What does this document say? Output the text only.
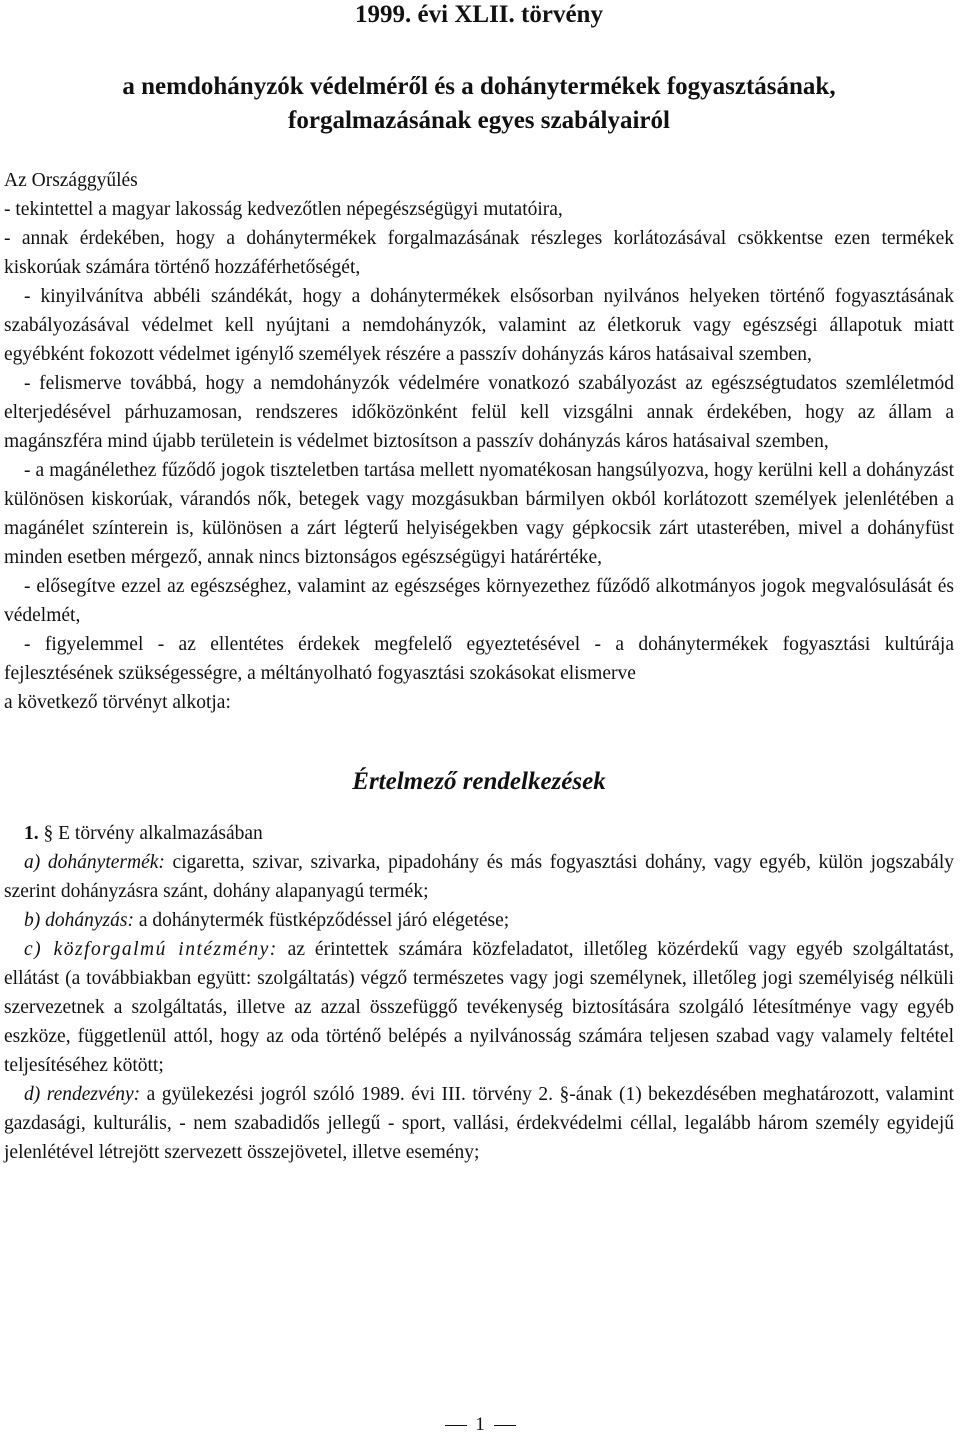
1999. évi XLII. törvény
a nemdohányzók védelméről és a dohánytermékek fogyasztásának, forgalmazásának egyes szabályairól

Az Országgyűlés

- tekintettel a magyar lakosság kedvezőtlen népegészségügyi mutatóira,

- annak érdekében, hogy a dohánytermékek forgalmazásának részleges korlátozásával csökkentse ezen termékek kiskorúak számára történő hozzáférhetőségét,

- kinyilvánítva abbéli szándékát, hogy a dohánytermékek elsősorban nyilvános helyeken történő fogyasztásának szabályozásával védelmet kell nyújtani a nemdohányzók, valamint az életkoruk vagy egészségi állapotuk miatt egyébként fokozott védelmet igénylő személyek részére a passzív dohányzás káros hatásaival szemben,

- felismerve továbbá, hogy a nemdohányzók védelmére vonatkozó szabályozást az egészségtudatos szemléletmód elterjedésével párhuzamosan, rendszeres időközönként felül kell vizsgálni annak érdekében, hogy az állam a magánszféra mind újabb területein is védelmet biztosítson a passzív dohányzás káros hatásaival szemben,

- a magánélethez fűződő jogok tiszteletben tartása mellett nyomatékosan hangsúlyozva, hogy kerülni kell a dohányzást különösen kiskorúak, várandós nők, betegek vagy mozgásukban bármilyen okból korlátozott személyek jelenlétében a magánélet színterein is, különösen a zárt légterű helyiségekben vagy gépkocsik zárt utasterében, mivel a dohányfüst minden esetben mérgező, annak nincs biztonságos egészségügyi határértéke,

- elősegítve ezzel az egészséghez, valamint az egészséges környezethez fűződő alkotmányos jogok megvalósulását és védelmét,

- figyelemmel - az ellentétes érdekek megfelelő egyeztetésével - a dohánytermékek fogyasztási kultúrája fejlesztésének szükségességre, a méltányolható fogyasztási szokásokat elismerve

a következő törvényt alkotja:

Értelmező rendelkezések

1. § E törvény alkalmazásában

a) dohánytermék: cigaretta, szivar, szivarka, pipadohány és más fogyasztási dohány, vagy egyéb, külön jogszabály szerint dohányzásra szánt, dohány alapanyagú termék;

b) dohányzás: a dohánytermék füstképződéssel járó elégetése;

c) közforgalmú intézmény: az érintettek számára közfeladatot, illetőleg közérdekű vagy egyéb szolgáltatást, ellátást (a továbbiakban együtt: szolgáltatás) végző természetes vagy jogi személynek, illetőleg jogi személyiség nélküli szervezetnek a szolgáltatás, illetve az azzal összefüggő tevékenység biztosítására szolgáló létesítménye vagy egyéb eszköze, függetlenül attól, hogy az oda történő belépés a nyilvánosság számára teljesen szabad vagy valamely feltétel teljesítéséhez kötött;

d) rendezvény: a gyülekezési jogról szóló 1989. évi III. törvény 2. §-ának (1) bekezdésében meghatározott, valamint gazdasági, kulturális, - nem szabadidős jellegű - sport, vallási, érdekvédelmi céllal, legalább három személy egyidejű jelenlétével létrejött szervezett összejövetel, illetve esemény;

1
